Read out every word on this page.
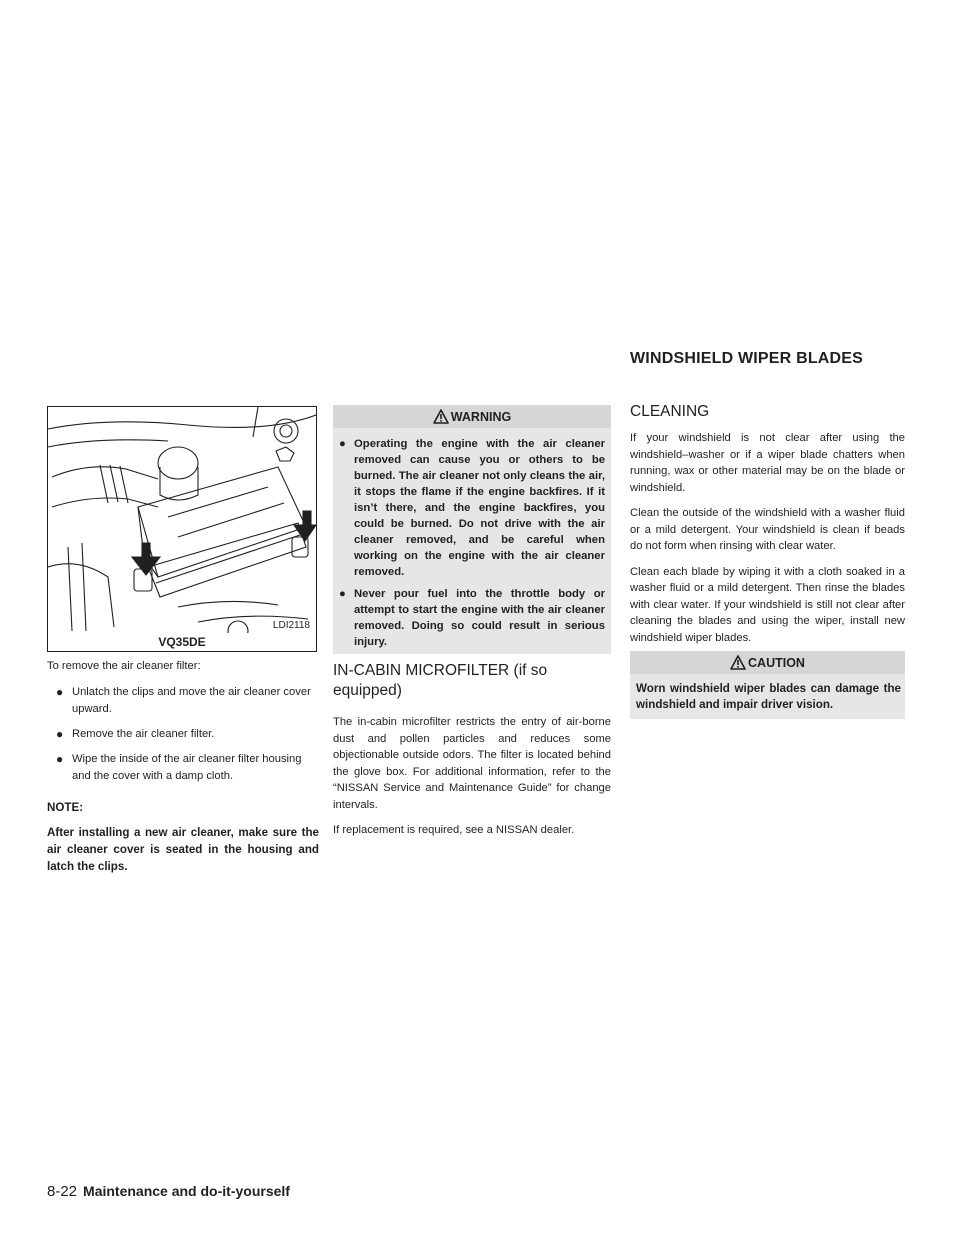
WINDSHIELD WIPER BLADES
LDI2118
VQ35DE

To remove the air cleaner filter:

● Unlatch the clips and move the air cleaner cover upward.
● Remove the air cleaner filter.
● Wipe the inside of the air cleaner filter housing and the cover with a damp cloth.
NOTE:

After installing a new air cleaner, make sure the air cleaner cover is seated in the housing and latch the clips.

WARNING
● Operating the engine with the air cleaner removed can cause you or others to be burned. The air cleaner not only cleans the air, it stops the flame if the engine backfires. If it isn’t there, and the engine backfires, you could be burned. Do not drive with the air cleaner removed, and be careful when working on the engine with the air cleaner removed.
● Never pour fuel into the throttle body or attempt to start the engine with the air cleaner removed. Doing so could result in serious injury.
IN-CABIN MICROFILTER (if so equipped)

The in-cabin microfilter restricts the entry of air-borne dust and pollen particles and reduces some objectionable outside odors. The filter is located behind the glove box. For additional information, refer to the “NISSAN Service and Maintenance Guide” for change intervals.

If replacement is required, see a NISSAN dealer.

CLEANING

If your windshield is not clear after using the windshield–washer or if a wiper blade chatters when running, wax or other material may be on the blade or windshield.

Clean the outside of the windshield with a washer fluid or a mild detergent. Your windshield is clean if beads do not form when rinsing with clear water.

Clean each blade by wiping it with a cloth soaked in a washer fluid or a mild detergent. Then rinse the blades with clear water. If your windshield is still not clear after cleaning the blades and using the wiper, install new windshield wiper blades.

CAUTION
Worn windshield wiper blades can damage the windshield and impair driver vision.
8-22 Maintenance and do-it-yourself
